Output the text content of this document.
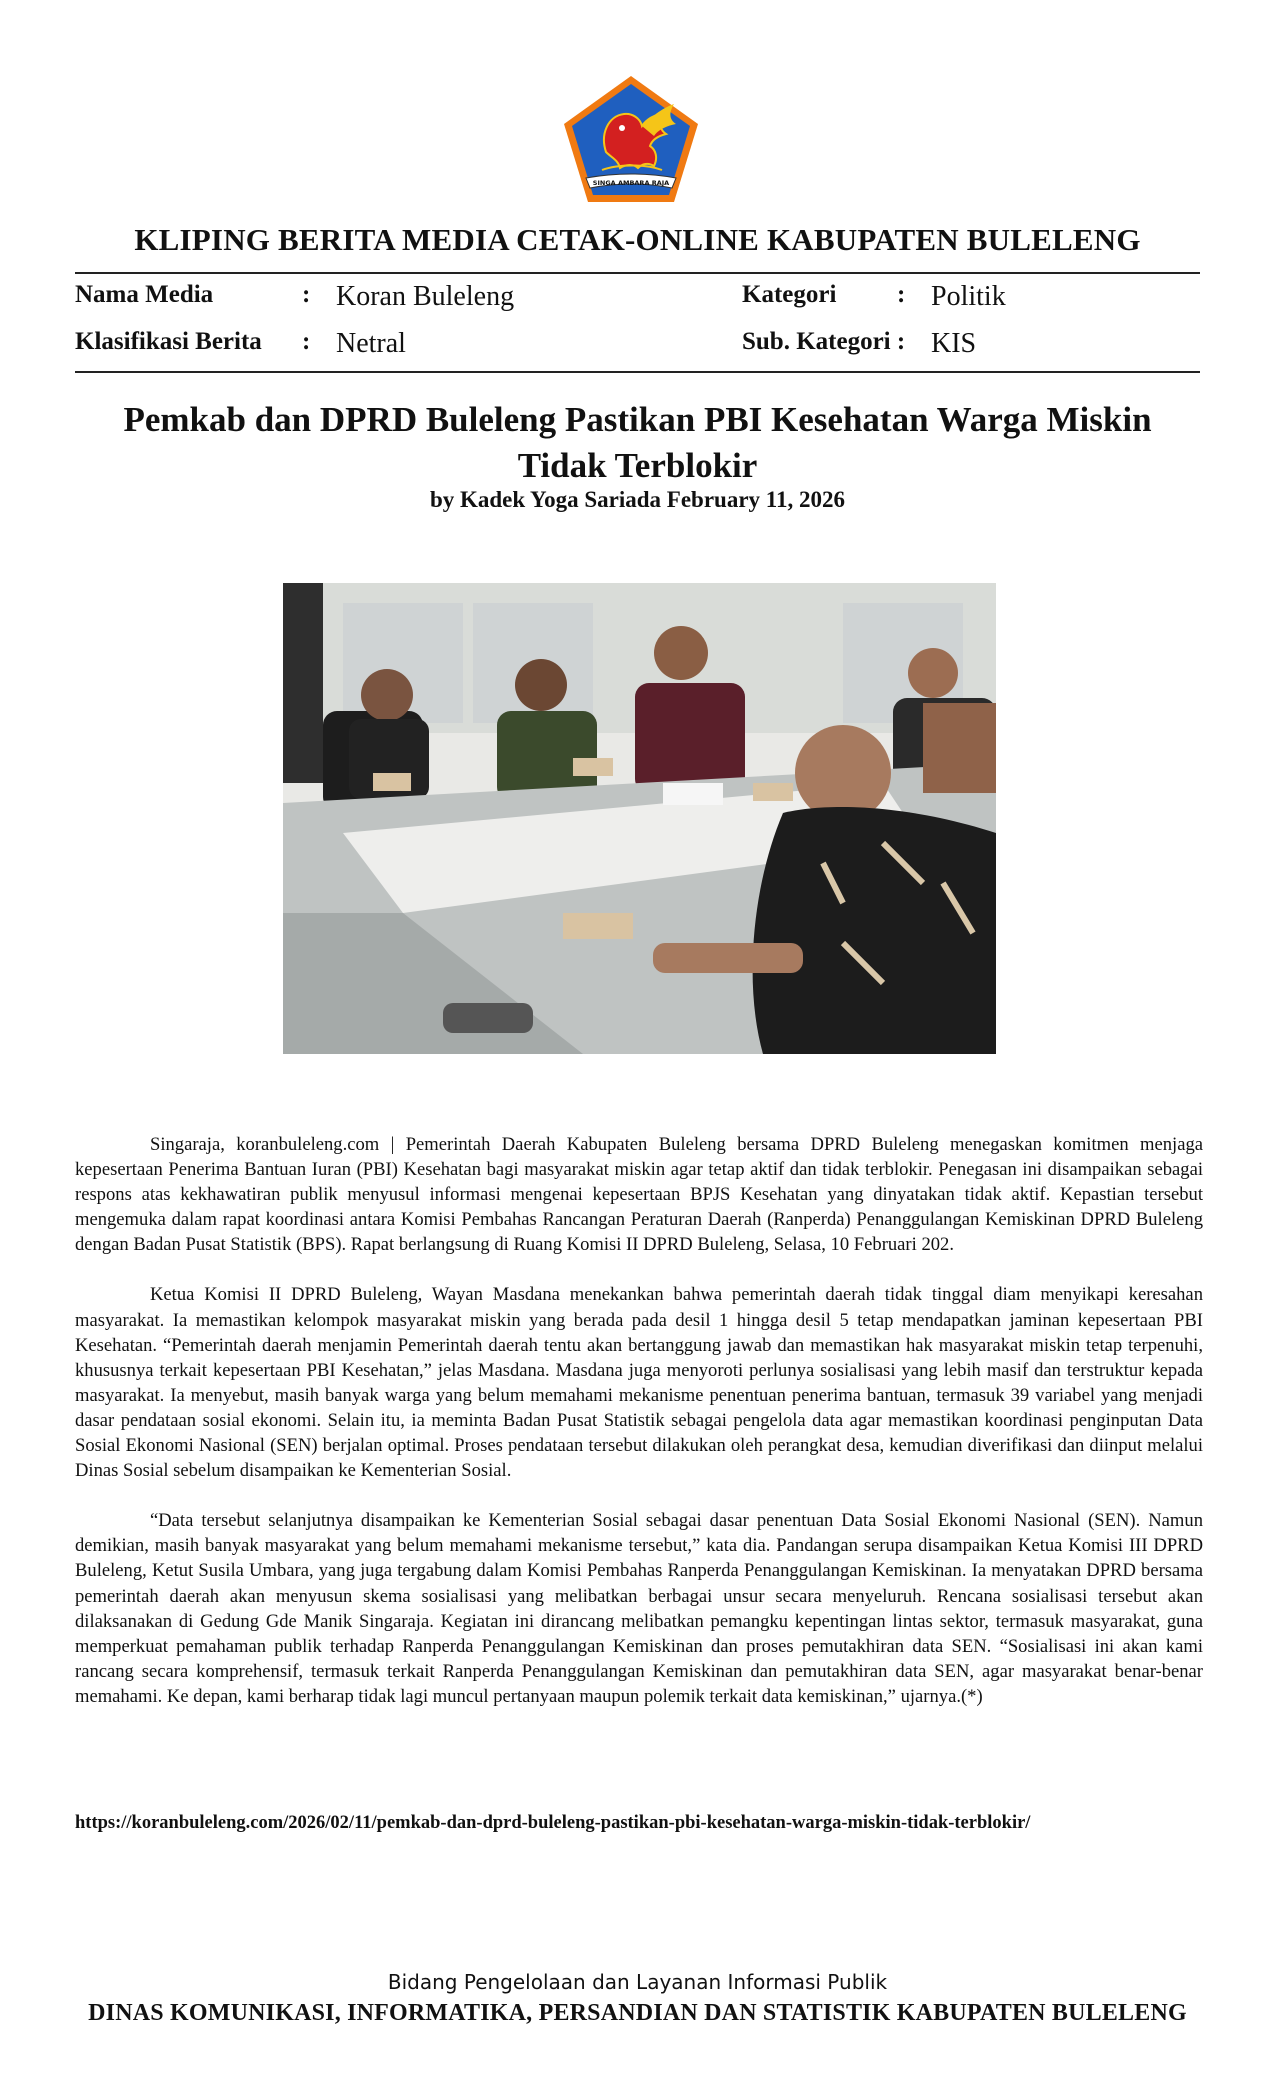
SINGA AMBARA RAJA
KLIPING BERITA MEDIA CETAK-ONLINE KABUPATEN BULELENG
Nama Media	: Koran Buleleng	Kategori : Politik
Klasifikasi Berita : Netral	Sub. Kategori : KIS
Pemkab dan DPRD Buleleng Pastikan PBI Kesehatan Warga Miskin Tidak Terblokir
by Kadek Yoga Sariada February 11, 2026

Singaraja, koranbuleleng.com | Pemerintah Daerah Kabupaten Buleleng bersama DPRD Buleleng menegaskan komitmen menjaga kepesertaan Penerima Bantuan Iuran (PBI) Kesehatan bagi masyarakat miskin agar tetap aktif dan tidak terblokir. Penegasan ini disampaikan sebagai respons atas kekhawatiran publik menyusul informasi mengenai kepesertaan BPJS Kesehatan yang dinyatakan tidak aktif. Kepastian tersebut mengemuka dalam rapat koordinasi antara Komisi Pembahas Rancangan Peraturan Daerah (Ranperda) Penanggulangan Kemiskinan DPRD Buleleng dengan Badan Pusat Statistik (BPS). Rapat berlangsung di Ruang Komisi II DPRD Buleleng, Selasa, 10 Februari 202.

Ketua Komisi II DPRD Buleleng, Wayan Masdana menekankan bahwa pemerintah daerah tidak tinggal diam menyikapi keresahan masyarakat. Ia memastikan kelompok masyarakat miskin yang berada pada desil 1 hingga desil 5 tetap mendapatkan jaminan kepesertaan PBI Kesehatan. “Pemerintah daerah menjamin Pemerintah daerah tentu akan bertanggung jawab dan memastikan hak masyarakat miskin tetap terpenuhi, khususnya terkait kepesertaan PBI Kesehatan,” jelas Masdana. Masdana juga menyoroti perlunya sosialisasi yang lebih masif dan terstruktur kepada masyarakat. Ia menyebut, masih banyak warga yang belum memahami mekanisme penentuan penerima bantuan, termasuk 39 variabel yang menjadi dasar pendataan sosial ekonomi. Selain itu, ia meminta Badan Pusat Statistik sebagai pengelola data agar memastikan koordinasi penginputan Data Sosial Ekonomi Nasional (SEN) berjalan optimal. Proses pendataan tersebut dilakukan oleh perangkat desa, kemudian diverifikasi dan diinput melalui Dinas Sosial sebelum disampaikan ke Kementerian Sosial.

“Data tersebut selanjutnya disampaikan ke Kementerian Sosial sebagai dasar penentuan Data Sosial Ekonomi Nasional (SEN). Namun demikian, masih banyak masyarakat yang belum memahami mekanisme tersebut,” kata dia. Pandangan serupa disampaikan Ketua Komisi III DPRD Buleleng, Ketut Susila Umbara, yang juga tergabung dalam Komisi Pembahas Ranperda Penanggulangan Kemiskinan. Ia menyatakan DPRD bersama pemerintah daerah akan menyusun skema sosialisasi yang melibatkan berbagai unsur secara menyeluruh. Rencana sosialisasi tersebut akan dilaksanakan di Gedung Gde Manik Singaraja. Kegiatan ini dirancang melibatkan pemangku kepentingan lintas sektor, termasuk masyarakat, guna memperkuat pemahaman publik terhadap Ranperda Penanggulangan Kemiskinan dan proses pemutakhiran data SEN. “Sosialisasi ini akan kami rancang secara komprehensif, termasuk terkait Ranperda Penanggulangan Kemiskinan dan pemutakhiran data SEN, agar masyarakat benar-benar memahami. Ke depan, kami berharap tidak lagi muncul pertanyaan maupun polemik terkait data kemiskinan,” ujarnya.(*)

https://koranbuleleng.com/2026/02/11/pemkab-dan-dprd-buleleng-pastikan-pbi-kesehatan-warga-miskin-tidak-terblokir/
Bidang Pengelolaan dan Layanan Informasi Publik
DINAS KOMUNIKASI, INFORMATIKA, PERSANDIAN DAN STATISTIK KABUPATEN BULELENG
